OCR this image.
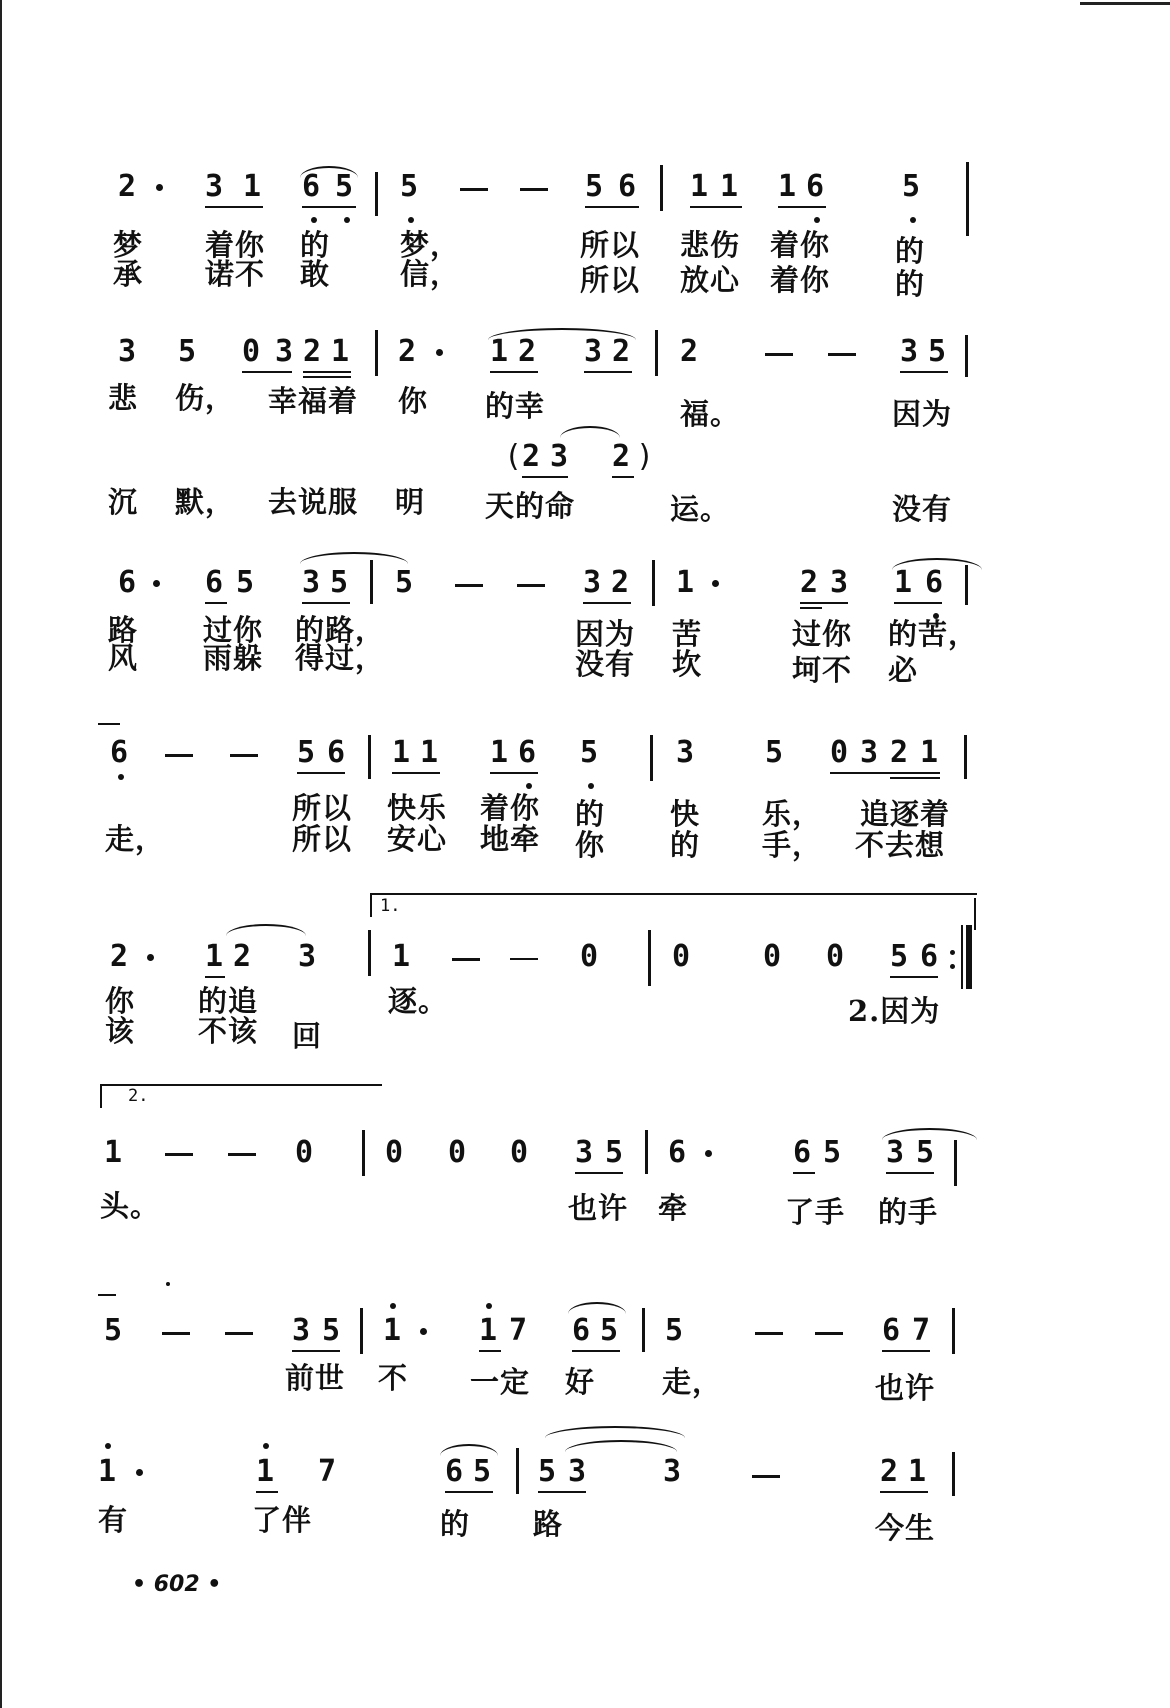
2 3 1 6 5 5	5 6 1 1 1 6	5
梦 着你 的 梦，	所以 悲伤 着你 的
承 诺不 敢 信，	所以 放心 着你 的
3 5 0 3 2 1 2 1 2 3 2 2	3 5
悲 伤， 幸福着 你 的幸	福。	因为
( 2 3 2 )
沉 默， 去说服 明 天的命	运。	没有
6 6 5 3 5 5	3 2 1	2 3 1 6
路 过你 的路，	因为 苦	过你 的苦，
风 雨躲 得过，	没有 坎	坷不 必
6	5 6 1 1 1 6 5	3 5 0 3 2 1
所以 快乐 着你 的 快 乐， 追逐着
走，	所以 安心 地牵 你 的 手， 不去想
1.
2	1 2 3	1	0 0 0 0 5 6
你 的追	逐。	2.因为
该 不该 回
2.
1	0 0 0 0 3 5 6	6 5 3 5
头。	也许 牵	了手 的手
5	3 5 1	1 7 6 5 5	6 7
前世 不 一定 好 走，	也许
1	1 7	6 5 5 3	3	2 1
有	了伴	的 路	今生
• 602 •
